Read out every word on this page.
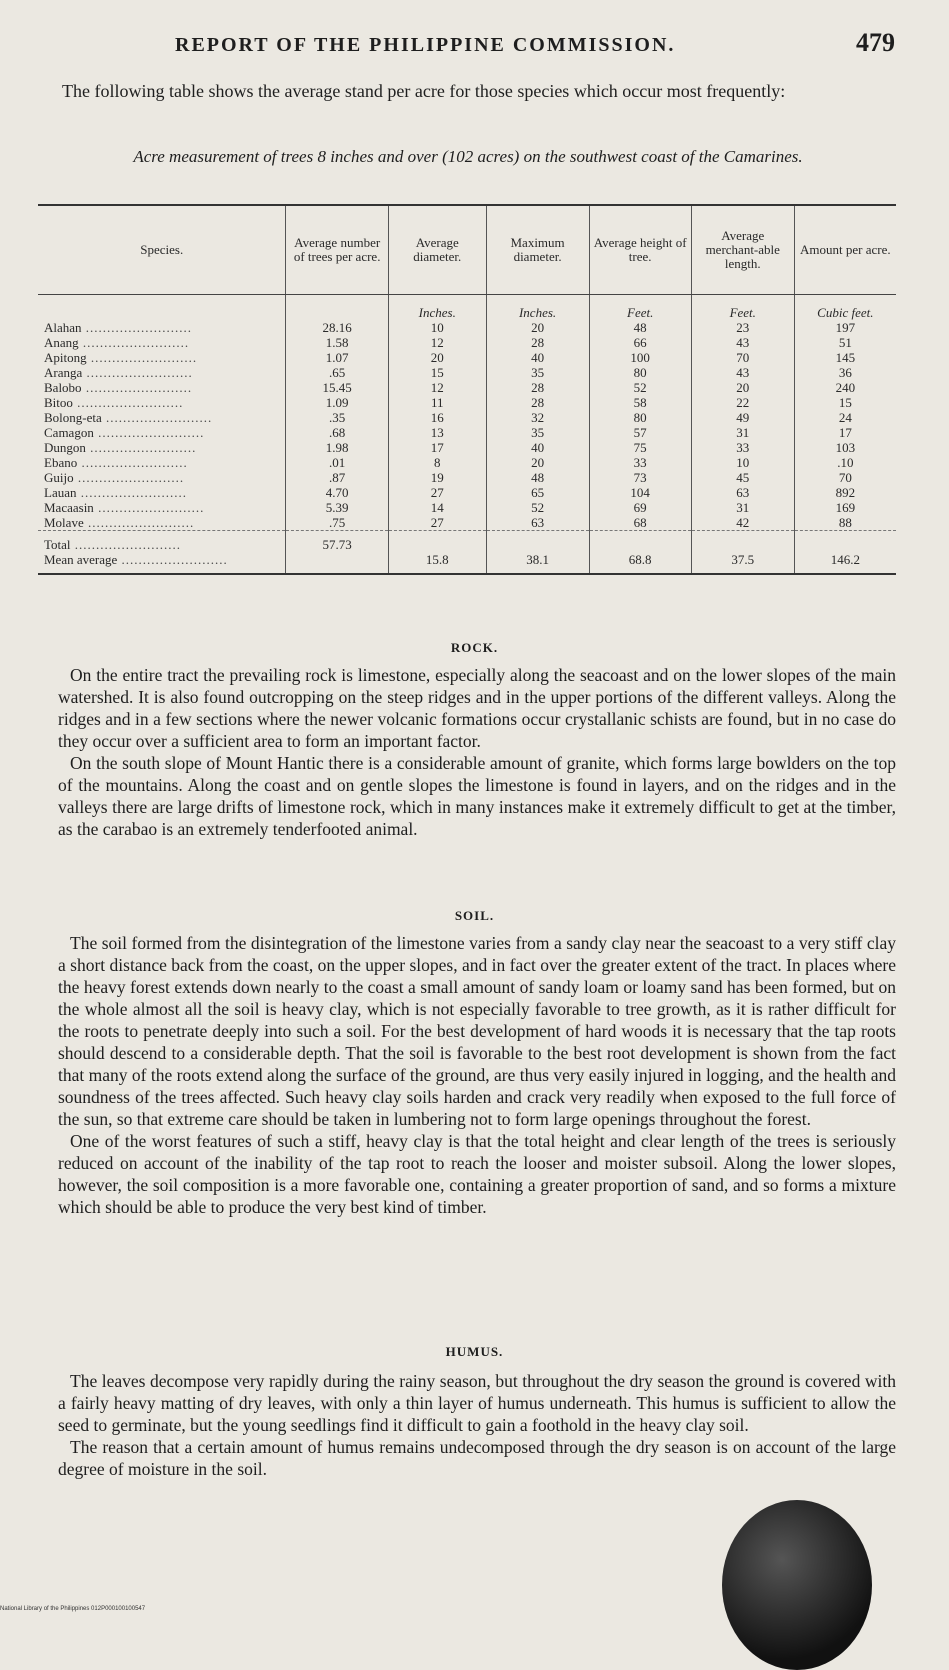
REPORT OF THE PHILIPPINE COMMISSION.	479
The following table shows the average stand per acre for those species which occur most frequently:
Acre measurement of trees 8 inches and over (102 acres) on the southwest coast of the Camarines.
Species.	Average number of trees per acre.	Average diameter.	Maximum diameter.	Average height of tree.	Average merchant-able length.	Amount per acre.
		Inches.	Inches.	Feet.	Feet.	Cubic feet.
Alahan .....	28.16	10	20	48	23	197
Anang .....	1.58	12	28	66	43	51
Apitong .....	1.07	20	40	100	70	145
Aranga .....	.65	15	35	80	43	36
Balobo .....	15.45	12	28	52	20	240
Bitoo .....	1.09	11	28	58	22	15
Bolong-eta .....	.35	16	32	80	49	24
Camagon .....	.68	13	35	57	31	17
Dungon .....	1.98	17	40	75	33	103
Ebano .....	.01	8	20	33	10	.10
Guijo .....	.87	19	48	73	45	70
Lauan .....	4.70	27	65	104	63	892
Macaasin .....	5.39	14	52	69	31	169
Molave .....	.75	27	63	68	42	88
Total .....	57.73					
Mean average .....		15.8	38.1	68.8	37.5	146.2
ROCK.

On the entire tract the prevailing rock is limestone, especially along the seacoast and on the lower slopes of the main watershed. It is also found outcropping on the steep ridges and in the upper portions of the different valleys. Along the ridges and in a few sections where the newer volcanic formations occur crystallanic schists are found, but in no case do they occur over a sufficient area to form an important factor.

On the south slope of Mount Hantic there is a considerable amount of granite, which forms large bowlders on the top of the mountains. Along the coast and on gentle slopes the limestone is found in layers, and on the ridges and in the valleys there are large drifts of limestone rock, which in many instances make it extremely difficult to get at the timber, as the carabao is an extremely tenderfooted animal.

SOIL.

The soil formed from the disintegration of the limestone varies from a sandy clay near the seacoast to a very stiff clay a short distance back from the coast, on the upper slopes, and in fact over the greater extent of the tract. In places where the heavy forest extends down nearly to the coast a small amount of sandy loam or loamy sand has been formed, but on the whole almost all the soil is heavy clay, which is not especially favorable to tree growth, as it is rather difficult for the roots to penetrate deeply into such a soil. For the best development of hard woods it is necessary that the tap roots should descend to a considerable depth. That the soil is favorable to the best root development is shown from the fact that many of the roots extend along the surface of the ground, are thus very easily injured in logging, and the health and soundness of the trees affected. Such heavy clay soils harden and crack very readily when exposed to the full force of the sun, so that extreme care should be taken in lumbering not to form large openings throughout the forest.

One of the worst features of such a stiff, heavy clay is that the total height and clear length of the trees is seriously reduced on account of the inability of the tap root to reach the looser and moister subsoil. Along the lower slopes, however, the soil composition is a more favorable one, containing a greater proportion of sand, and so forms a mixture which should be able to produce the very best kind of timber.

HUMUS.

The leaves decompose very rapidly during the rainy season, but throughout the dry season the ground is covered with a fairly heavy matting of dry leaves, with only a thin layer of humus underneath. This humus is sufficient to allow the seed to germinate, but the young seedlings find it difficult to gain a foothold in the heavy clay soil.

The reason that a certain amount of humus remains undecomposed through the dry season is on account of the large degree of moisture in the soil.

National Library of the Philippines 012P000100100547
